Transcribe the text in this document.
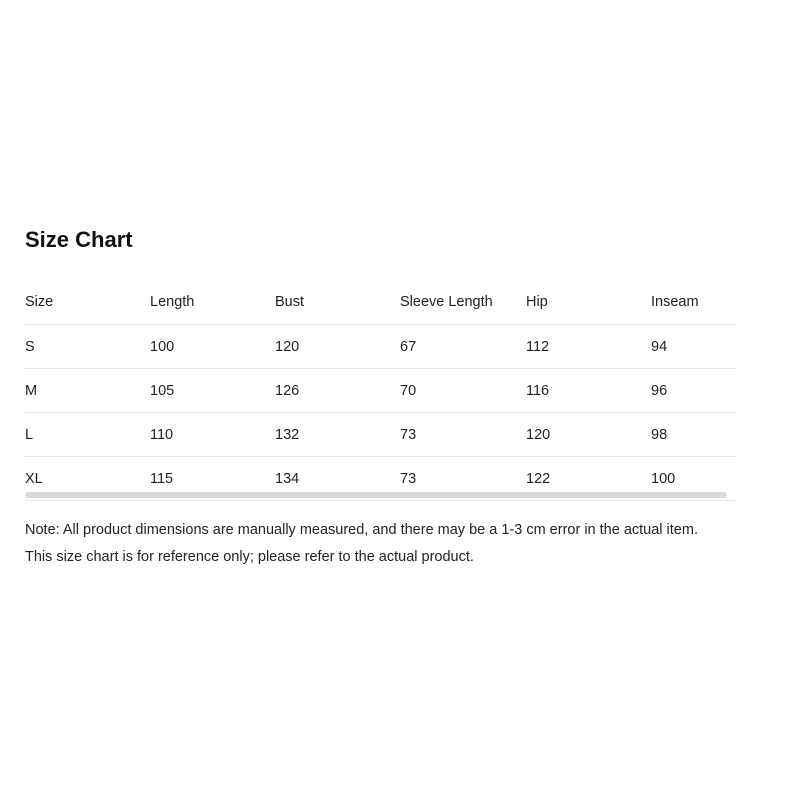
Size Chart
Size	Length	Bust	Sleeve Length	Hip	Inseam
S	100	120	67	112	94
M	105	126	70	116	96
L	110	132	73	120	98
XL	115	134	73	122	100

Note: All product dimensions are manually measured, and there may be a 1-3 cm error in the actual item.

This size chart is for reference only; please refer to the actual product.
